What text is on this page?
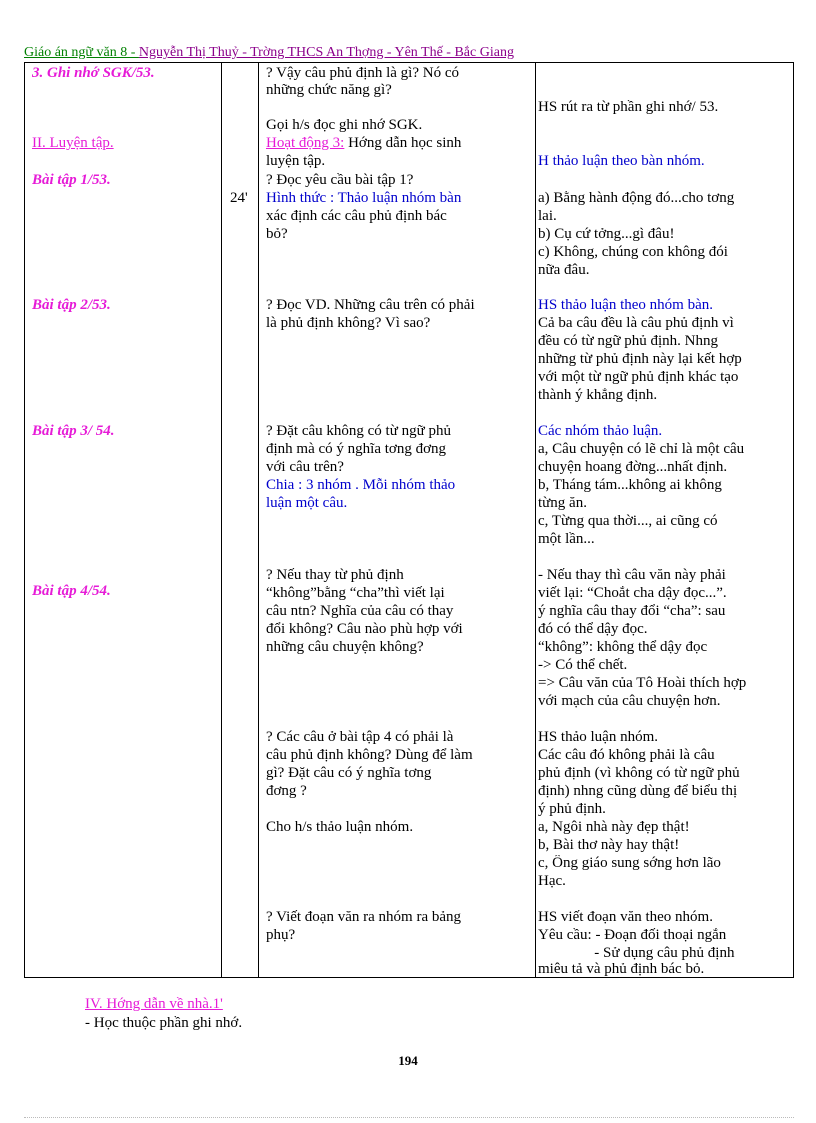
Giáo án ngữ văn 8 - Nguyễn Thị Thuỷ - Trờng THCS An Thợng - Yên Thế - Bắc Giang
3. Ghi nhớ SGK/53.
II. Luyện tập.
Bài tập 1/53.
Bài tập 2/53.
Bài tập 3/ 54.
Bài tập 4/54.
24'
? Vậy câu phủ định là gì? Nó có
những chức năng gì?
Gọi h/s đọc ghi nhớ SGK.
Hoạt động 3: Hớng dẫn học sinh
luyện tập.
? Đọc yêu cầu bài tập 1?
Hình thức : Thảo luận nhóm bàn
xác định các câu phủ định bác
bỏ?
? Đọc VD. Những câu trên có phải
là phủ định không? Vì sao?
? Đặt câu không có từ ngữ phủ
định mà có ý nghĩa tơng đơng
với câu trên?
Chia : 3 nhóm . Mỗi nhóm thảo
luận một câu.
? Nếu thay từ phủ định
“không”bằng “cha”thì viết lại
câu ntn? Nghĩa của câu có thay
đổi không? Câu nào phù hợp với
những câu chuyện không?
? Các câu ở bài tập 4 có phải là
câu phủ định không? Dùng để làm
gì? Đặt câu có ý nghĩa tơng
đơng ?
Cho h/s thảo luận nhóm.
? Viết đoạn văn ra nhóm ra bảng
phụ?
HS rút ra từ phần ghi nhớ/ 53.
H thảo luận theo bàn nhóm.
a) Bằng hành động đó...cho tơng
lai.
b) Cụ cứ tởng...gì đâu!
c) Không, chúng con không đói
nữa đâu.
HS thảo luận theo nhóm bàn.
Cả ba câu đều là câu phủ định vì
đều có từ ngữ phủ định. Nhng
những từ phủ định này lại kết hợp
với một từ ngữ phủ định khác tạo
thành ý khẳng định.
Các nhóm thảo luận.
a, Câu chuyện có lẽ chỉ là một câu
chuyện hoang đờng...nhất định.
b, Tháng tám...không ai không
từng ăn.
c, Từng qua thời..., ai cũng có
một lần...
- Nếu thay thì câu văn này phải
viết lại: “Choắt cha dậy đọc...”.
ý nghĩa câu thay đổi “cha”: sau
đó có thể dậy đọc.
“không”: không thể dậy đọc
-> Có thể chết.
=> Câu văn của Tô Hoài thích hợp
với mạch của câu chuyện hơn.
HS thảo luận nhóm.
Các câu đó không phải là câu
phủ định (vì không có từ ngữ phủ
định) nhng cũng dùng để biểu thị
ý phủ định.
a, Ngôi nhà này đẹp thật!
b, Bài thơ này hay thật!
c, Ông giáo sung sớng hơn lão
Hạc.
HS viết đoạn văn theo nhóm.
Yêu cầu: - Đoạn đối thoại ngắn
- Sử dụng câu phủ định
miêu tả và phủ định bác bỏ.
IV. Hớng dẫn về nhà.1'
- Học thuộc phần ghi nhớ.
194
